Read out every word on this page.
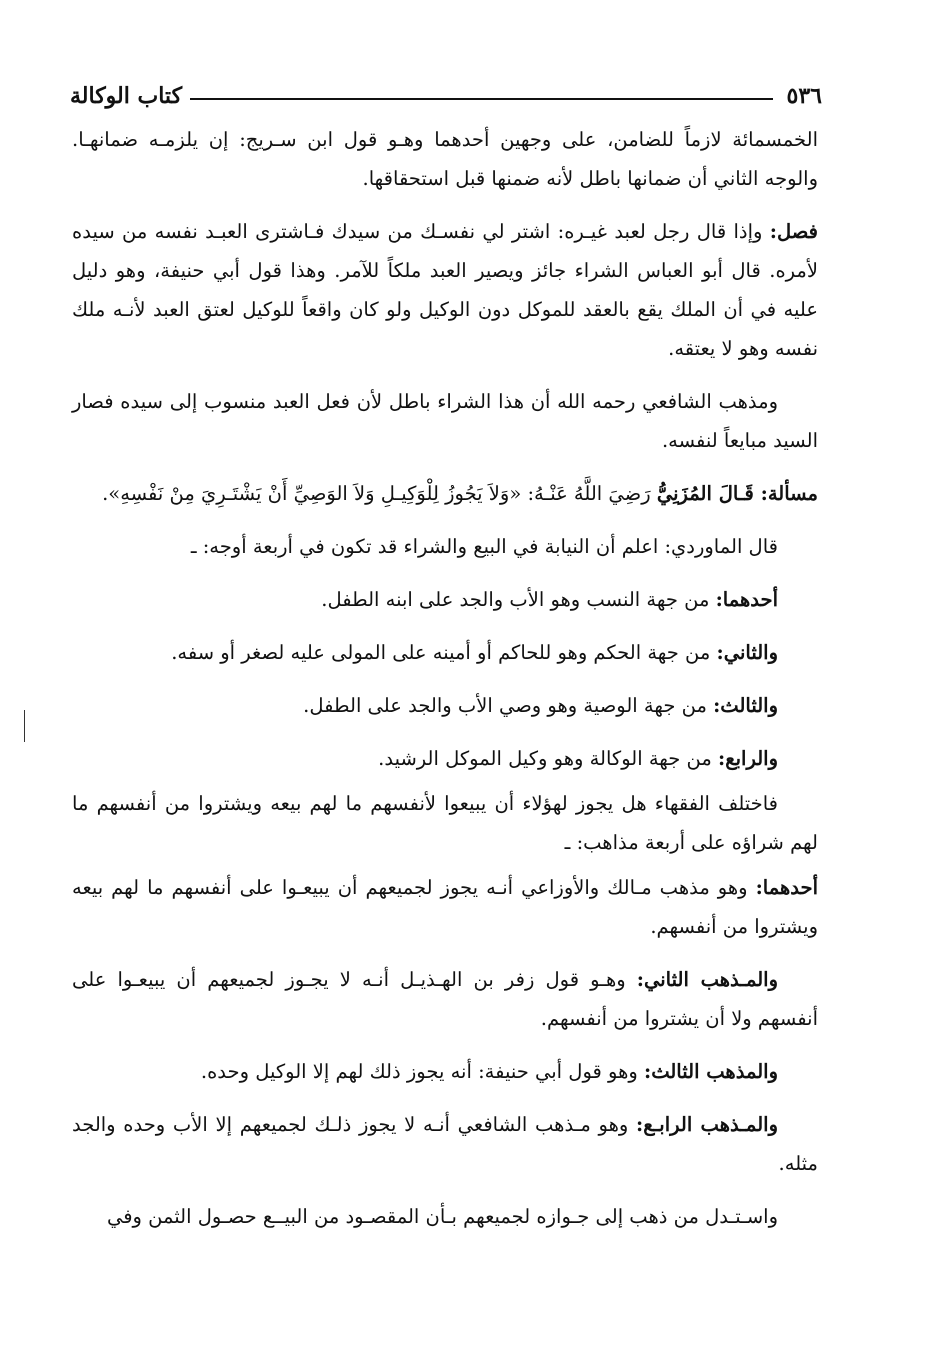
٥٣٦
كتاب الوكالة

الخمسمائة لازماً للضامن، على وجهين أحدهما وهـو قول ابن سـريج: إن يلزمـه ضمانهـا. والوجه الثاني أن ضمانها باطل لأنه ضمنها قبل استحقاقها.

فصل: وإذا قال رجل لعبد غيـره: اشتر لي نفسـك من سيدك فـاشترى العبـد نفسه من سيده لأمره. قال أبو العباس الشراء جائز ويصير العبد ملكاً للآمر. وهذا قول أبي حنيفة، وهو دليل عليه في أن الملك يقع بالعقد للموكل دون الوكيل ولو كان واقعاً للوكيل لعتق العبد لأنـه ملك نفسه وهو لا يعتقه.

ومذهب الشافعي رحمه الله أن هذا الشراء باطل لأن فعل العبد منسوب إلى سيده فصار السيد مبايعاً لنفسه.

مسألة: قَـالَ المُزَنِيُّ رَضِيَ اللَّهُ عَنْـهُ: «وَلاَ يَجُوزُ لِلْوَكِيـلِ وَلاَ الوَصِيِّ أَنْ يَشْتَـرِيَ مِنْ نَفْسِهِ».

قال الماوردي: اعلم أن النيابة في البيع والشراء قد تكون في أربعة أوجه: ـ

أحدهما: من جهة النسب وهو الأب والجد على ابنه الطفل.

والثاني: من جهة الحكم وهو للحاكم أو أمينه على المولى عليه لصغر أو سفه.

والثالث: من جهة الوصية وهو وصي الأب والجد على الطفل.

والرابع: من جهة الوكالة وهو وكيل الموكل الرشيد.

فاختلف الفقهاء هل يجوز لهؤلاء أن يبيعوا لأنفسهم ما لهم بيعه ويشتروا من أنفسهم ما لهم شراؤه على أربعة مذاهب: ـ

أحدهما: وهو مذهب مـالك والأوزاعي أنـه يجوز لجميعهم أن يبيعـوا على أنفسهم ما لهم بيعه ويشتروا من أنفسهم.

والمـذهب الثاني: وهـو قول زفر بن الهـذيـل أنـه لا يجـوز لجميعهم أن يبيعـوا على أنفسهم ولا أن يشتروا من أنفسهم.

والمذهب الثالث: وهو قول أبي حنيفة: أنه يجوز ذلك لهم إلا الوكيل وحده.

والمـذهب الرابـع: وهو مـذهب الشافعي أنـه لا يجوز ذلـك لجميعهم إلا الأب وحده والجد مثله.

واسـتـدل من ذهب إلى جـوازه لجميعهم بـأن المقصـود من البيــع حصـول الثمن وفي
